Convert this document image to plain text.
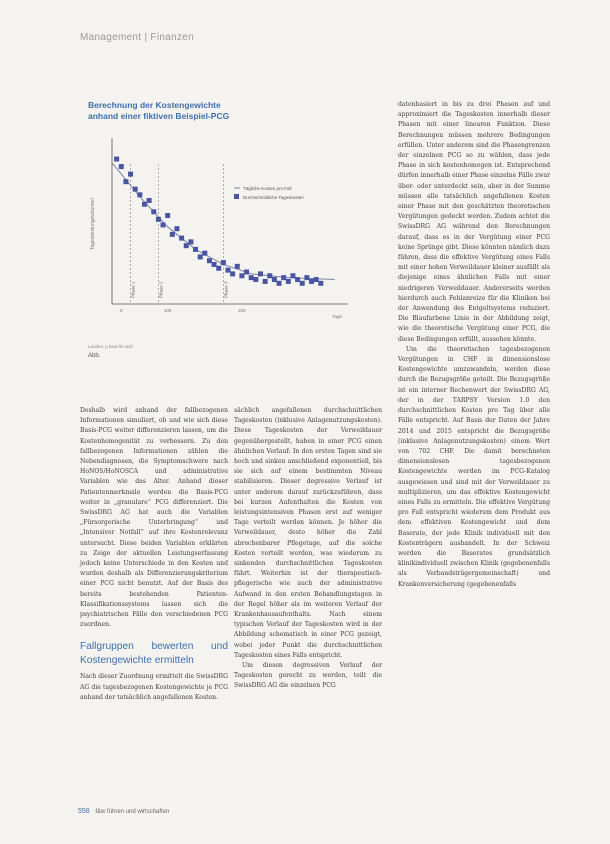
Management | Finanzen
Berechnung der Kostengewichte
anhand einer fiktiven Beispiel-PCG
Tagesleistungsvolumen
Tage
0	100	200
Phase 1	Phase 2	Phase 3
Tägliche Kosten pro Fall
Durchschnittliche Tageskosten
Landes: p bear lle and
Abb.

Deshalb wird anhand der fallbezogenen Informationen simuliert, ob und wie sich diese Basis-PCG weiter differenzieren lassen, um die Kostenhomogenität zu verbessern. Zu den fallbezogenen Informationen zählen die Nebendiagnosen, die Symptomschwere nach HoNOS/HoNOSCA und administrative Variablen wie das Alter. Anhand dieser Patientenmerkmale werden die Basis-PCG weiter in „granulare“ PCG differenziert. Die SwissDRG AG hat auch die Variablen „Fürsorgerische Unterbringung“ und „Intensiver Notfall“ auf ihre Kostenrelevanz untersucht. Diese beiden Variablen erklärten zu Zeige der aktuellen Leistungserfassung jedoch keine Unterschiede in den Kosten und wurden deshalb als Differenzierungskriterium einer PCG nicht benutzt. Auf der Basis des bereits bestehenden Patienten-Klassifikationssystems lassen sich die psychiatrischen Fälle den verschiedenen PCG zuordnen.

Fallgruppen bewerten und Kostengewichte ermitteln

Nach dieser Zuordnung ermittelt die SwissDRG AG die tagesbezogenen Kostengewichte je PCG anhand der tatsächlich angefallenen Kosten.

sächlich angefallenen durchschnittlichen Tageskosten (inklusive Anlagenutzungskosten). Diese Tageskosten der Verweildauer gegenübergestellt, haben in einer PCG einen ähnlichen Verlauf: In den ersten Tagen sind sie hoch und sinken anschließend exponentiell, bis sie sich auf einem bestimmten Niveau stabilisieren. Dieser degressive Verlauf ist unter anderem darauf zurückzuführen, dass bei kurzen Aufenthalten die Kosten von leistungsintensiven Phasen erst auf weniger Tage verteilt werden können. Je höher die Verweildauer, desto höher die Zahl abrechenbarer Pflegetage, auf die solche Kosten verteilt werden, was wiederum zu sinkenden durchschnittlichen Tageskosten führt. Weiterhin ist der therapeutisch-pflegerische wie auch der administrative Aufwand in den ersten Behandlungstagen in der Regel höher als im weiteren Verlauf der Krankenhausaufenthalts. Nach einem typischen Verlauf der Tageskosten wird in der Abbildung schematisch in einer PCG gezeigt, wobei jeder Punkt die durchschnittlichen Tageskosten eines Falls entspricht.

Um diesen degressiven Verlauf der Tageskosten gerecht zu werden, teilt die SwissDRG AG die einzelnen PCG

datenbasiert in bis zu drei Phasen auf und approximiert die Tageskosten innerhalb dieser Phasen mit einer linearen Funktion. Diese Berechnungen müssen mehrere Bedingungen erfüllen. Unter anderem sind die Phasengrenzen der einzelnen PCG so zu wählen, dass jede Phase in sich kostenhomogen ist. Entsprechend dürfen innerhalb einer Phase einzelne Fälle zwar über- oder unterdeckt sein, aber in der Summe müssen alle tatsächlich angefallenen Kosten einer Phase mit den geschätzten theoretischen Vergütungen gedeckt werden. Zudem achtet die SwissDRG AG während den Berechnungen darauf, dass es in der Vergütung einer PCG keine Sprünge gibt. Diese könnten nämlich dazu führen, dass die effektive Vergütung eines Falls mit einer hohen Verweildauer kleiner ausfällt als diejenige eines ähnlichen Falls mit einer niedrigeren Verweildauer. Andererseits werden hierdurch auch Fehlanreize für die Kliniken bei der Anwendung des Entgeltsystems reduziert. Die Blaufarbene Linie in der Abbildung zeigt, wie die theoretische Vergütung einer PCG, die diese Bedingungen erfüllt, aussehen könnte.

Um die theoretischen tagesbezogenen Vergütungen in CHF in dimensionslose Kostengewichte umzuwandeln, werden diese durch die Bezugsgröße geteilt. Die Bezugsgröße ist ein interner Rechenwert der SwissDRG AG, der in der TARPSY Version 1.0 den durchschnittlichen Kosten pro Tag über alle Fälle entspricht. Auf Basis der Daten der Jahre 2014 und 2015 entspricht die Bezugsgröße (inklusive Anlagenutzungskosten) einem Wert von 702 CHF. Die damit berechneten dimensionslosen tagesbezogenen Kostengewichte werden im PCG-Katalog ausgewiesen und sind mit der Verweildauer zu multiplizieren, um das effektive Kostengewicht eines Falls zu ermitteln. Die effektive Vergütung pro Fall entspricht wiederum dem Produkt aus dem effektiven Kostengewicht und dem Baserate, der jede Klinik individuell mit den Kostenträgern aushandelt. In der Schweiz werden die Baserates grundsätzlich klinikindividuell zwischen Klinik (gegebenenfalls als Verbandsträgergemeinschaft) und Krankenversicherung (gegebenenfalls

558 f&w führen und wirtschaften
